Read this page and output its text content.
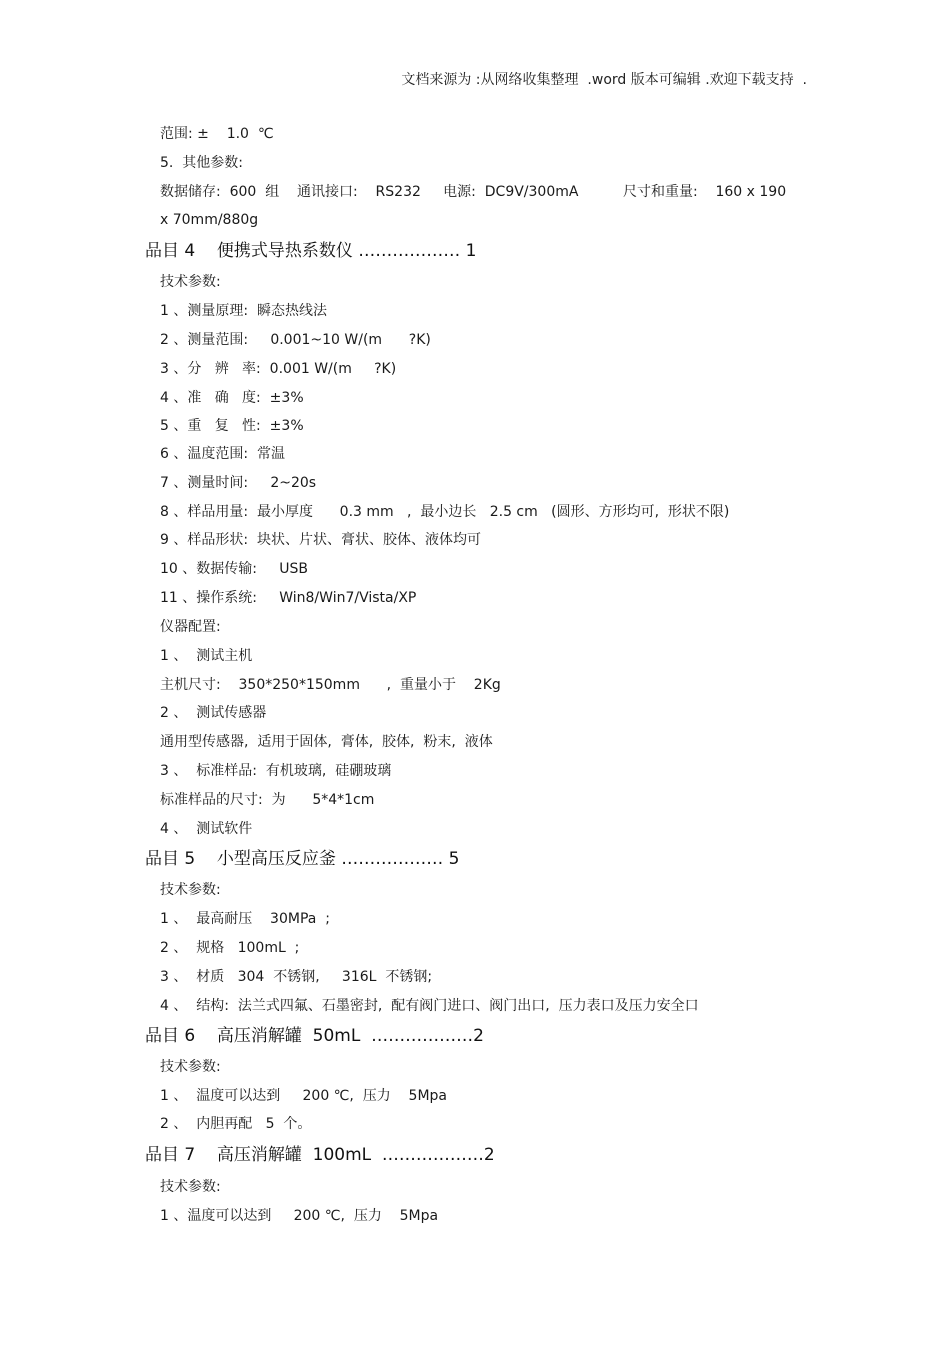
文档来源为 :从网络收集整理  .word 版本可编辑 .欢迎下载支持  .
范围: ±    1.0  ℃
5.  其他参数:
数据储存:  600  组    通讯接口:    RS232     电源:  DC9V/300mA          尺寸和重量:    160 x 190
x 70mm/880g
品目 4    便携式导热系数仪 ……………… 1
技术参数:
1 、测量原理:  瞬态热线法
2 、测量范围:     0.001~10 W/(m      ?K)
3 、分   辨   率:  0.001 W/(m     ?K)
4 、准   确   度:  ±3%
5 、重   复   性:  ±3%
6 、温度范围:  常温
7 、测量时间:     2~20s
8 、样品用量:  最小厚度      0.3 mm   ,  最小边长   2.5 cm   (圆形、方形均可,  形状不限)
9 、样品形状:  块状、片状、膏状、胶体、液体均可
10 、数据传输:     USB
11 、操作系统:     Win8/Win7/Vista/XP
仪器配置:
1 、  测试主机
主机尺寸:    350*250*150mm      ,  重量小于    2Kg
2 、  测试传感器
通用型传感器,  适用于固体,  膏体,  胶体,  粉末,  液体
3 、  标准样品:  有机玻璃,  硅硼玻璃
标准样品的尺寸:  为      5*4*1cm
4 、  测试软件
品目 5    小型高压反应釜 ……………… 5
技术参数:
1 、  最高耐压    30MPa  ;
2 、  规格   100mL  ;
3 、  材质   304  不锈钢,     316L  不锈钢;
4 、  结构:  法兰式四氟、石墨密封,  配有阀门进口、阀门出口,  压力表口及压力安全口
品目 6    高压消解罐  50mL  ………………2
技术参数:
1 、  温度可以达到     200 ℃,  压力    5Mpa
2 、  内胆再配   5  个。
品目 7    高压消解罐  100mL  ………………2
技术参数:
1 、温度可以达到     200 ℃,  压力    5Mpa
